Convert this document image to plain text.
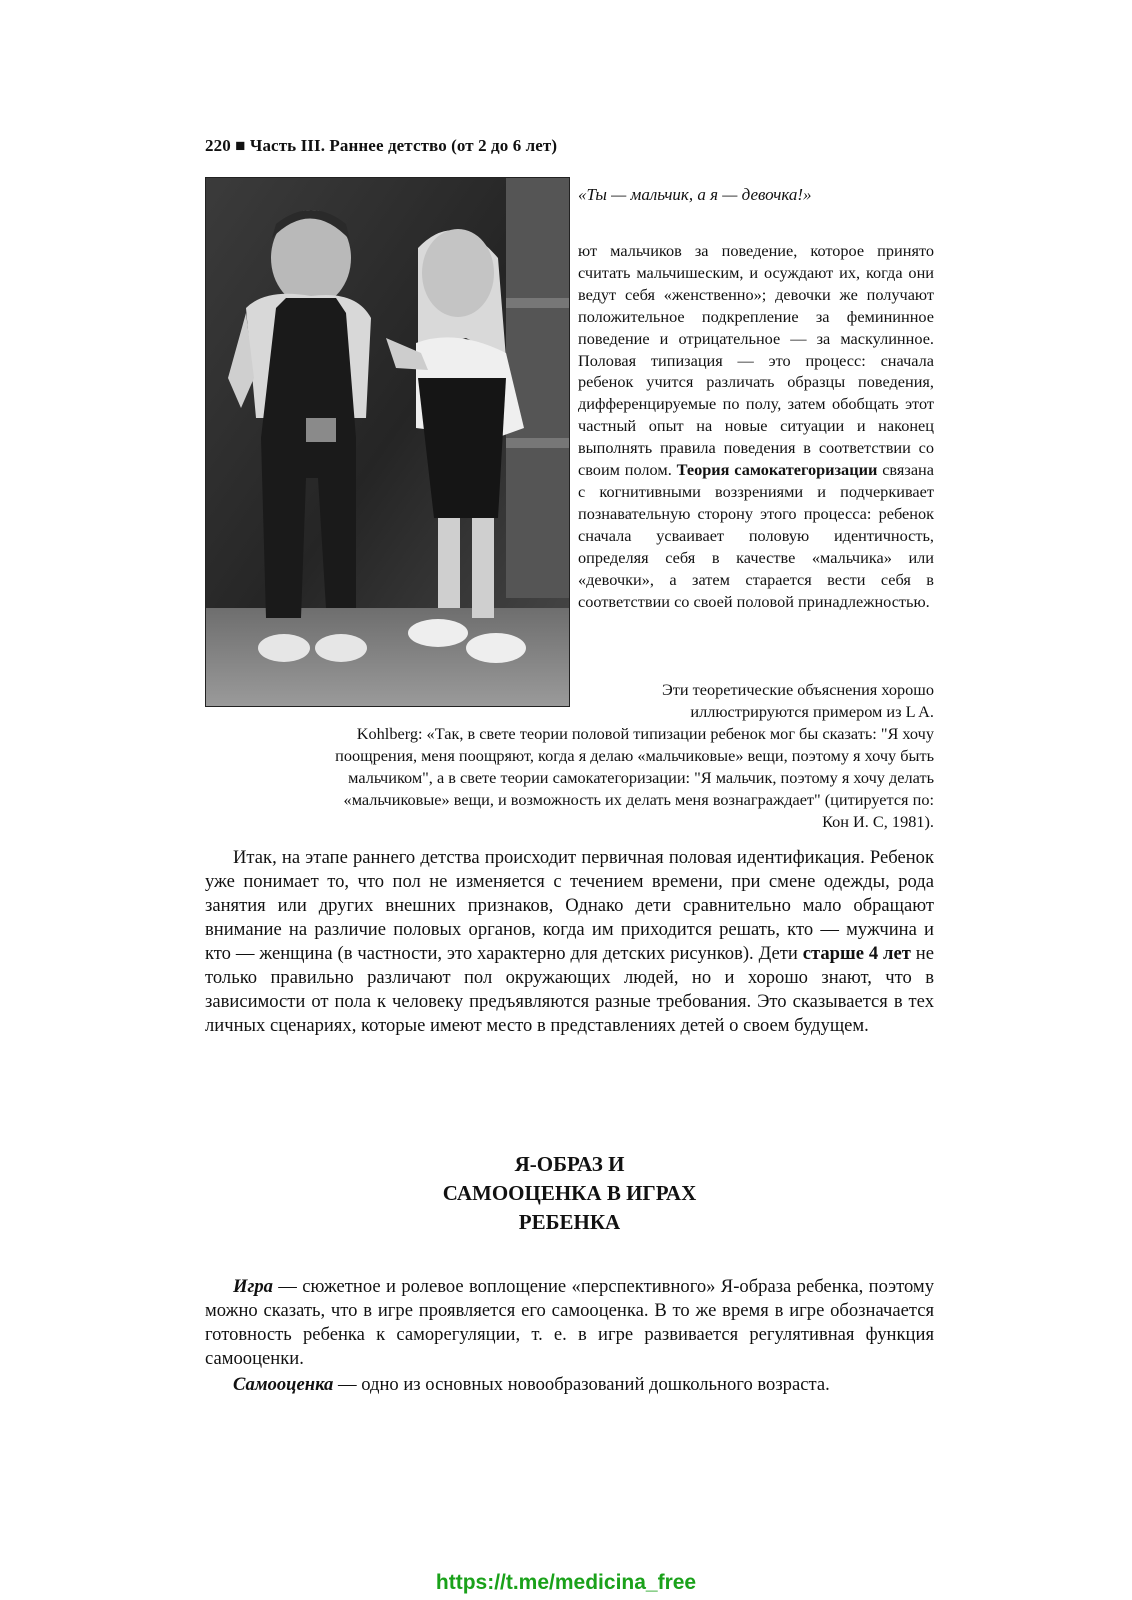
220 ■ Часть III. Раннее детство (от 2 до 6 лет)
«Ты — мальчик, а я — девочка!»

ют мальчиков за поведение, которое принято считать мальчишеским, и осуждают их, когда они ведут себя «женственно»; девочки же получают положительное подкрепление за фемининное поведение и отрицательное — за маскулинное. Половая типизация — это процесс: сначала ребенок учится различать образцы поведения, дифференцируемые по полу, затем обобщать этот частный опыт на новые ситуации и наконец выполнять правила поведения в соответствии со своим полом. Теория самокатегоризации связана с когнитивными воззрениями и подчеркивает познавательную сторону этого процесса: ребенок сначала усваивает половую идентичность, определяя себя в качестве «мальчика» или «девочки», а затем старается вести себя в соответствии со своей половой принадлежностью.

Эти теоретические объяснения хорошо

иллюстрируются примером из L A.

Kohlberg: «Так, в свете теории половой типизации ребенок мог бы сказать: "Я хочу

поощрения, меня поощряют, когда я делаю «мальчиковые» вещи, поэтому я хочу быть

мальчиком", а в свете теории самокатегоризации: "Я мальчик, поэтому я хочу делать

«мальчиковые» вещи, и возможность их делать меня вознаграждает" (цитируется по:

Кон И. С, 1981).

Итак, на этапе раннего детства происходит первичная половая идентификация. Ребенок уже понимает то, что пол не изменяется с течением времени, при смене одежды, рода занятия или других внешних признаков, Однако дети сравнительно мало обращают внимание на различие половых органов, когда им приходится решать, кто — мужчина и кто — женщина (в частности, это характерно для детских рисунков). Дети старше 4 лет не только правильно различают пол окружающих людей, но и хорошо знают, что в зависимости от пола к человеку предъявляются разные требования. Это сказывается в тех личных сценариях, которые имеют место в представлениях детей о своем будущем.

Я-ОБРАЗ И
САМООЦЕНКА В ИГРАХ
РЕБЕНКА

Игра — сюжетное и ролевое воплощение «перспективного» Я-образа ребенка, поэтому можно сказать, что в игре проявляется его самооценка. В то же время в игре обозначается готовность ребенка к саморегуляции, т. е. в игре развивается регулятивная функция самооценки.

Самооценка — одно из основных новообразований дошкольного возраста.

https://t.me/medicina_free
